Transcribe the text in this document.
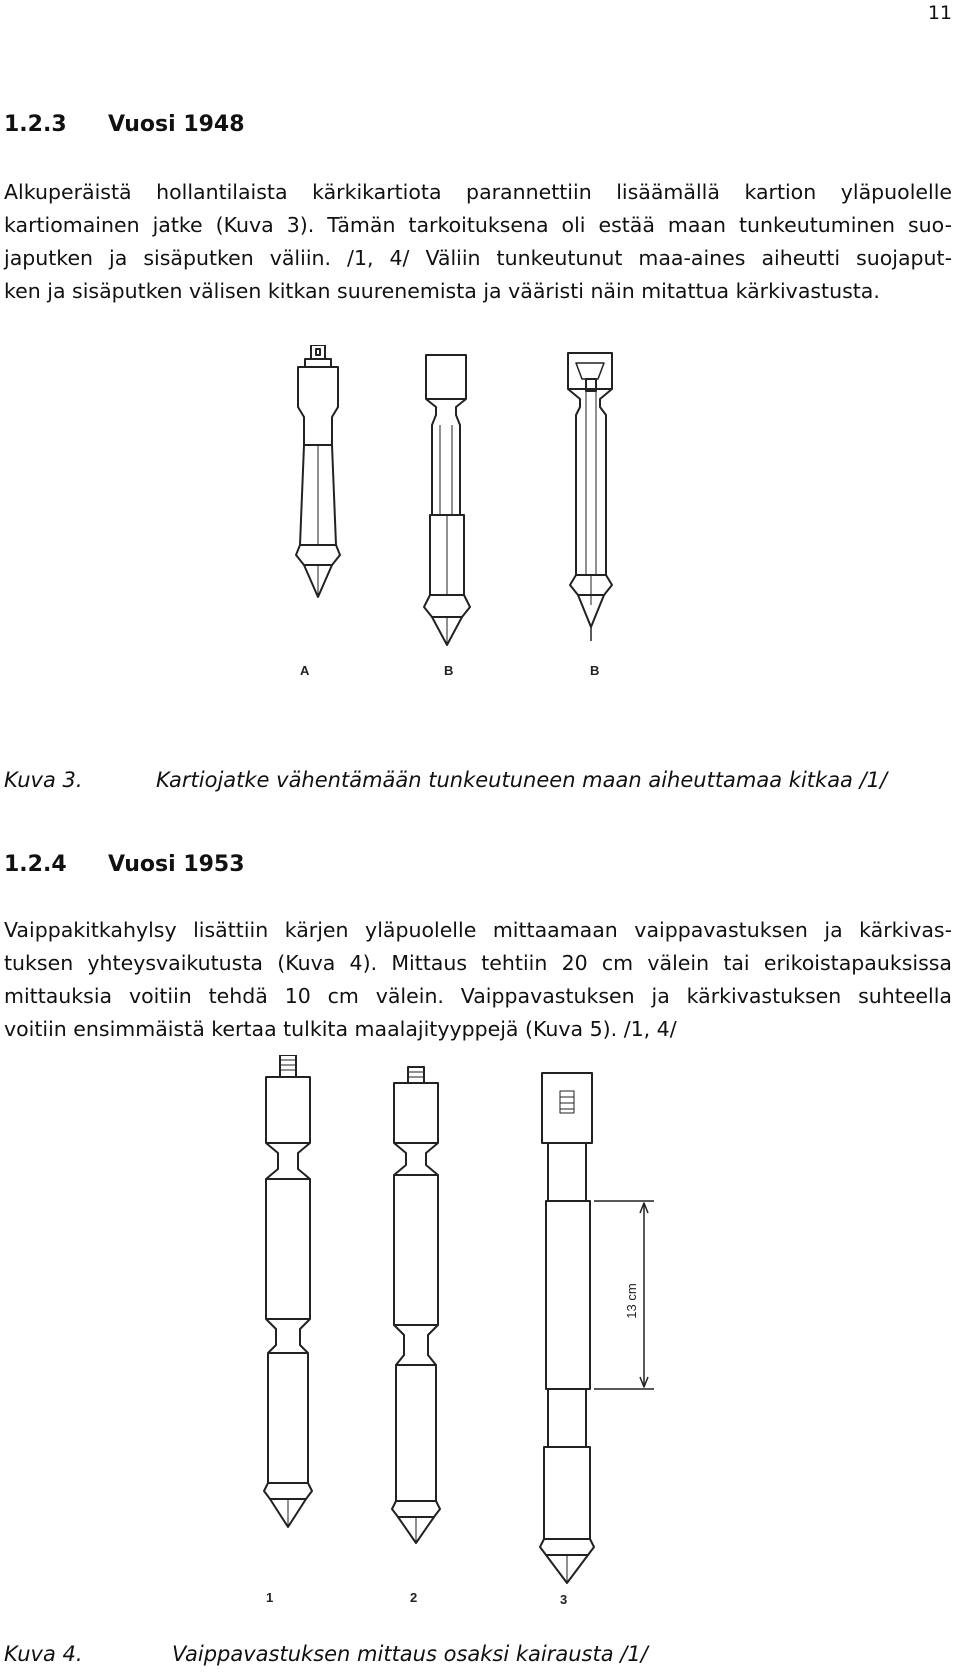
11
1.2.3 Vuosi 1948
Alkuperäistä hollantilaista kärkikartiota parannettiin lisäämällä kartion yläpuolelle
kartiomainen jatke (Kuva 3). Tämän tarkoituksena oli estää maan tunkeutuminen suo-
japutken ja sisäputken väliin. /1, 4/ Väliin tunkeutunut maa-aines aiheutti suojaput-
ken ja sisäputken välisen kitkan suurenemista ja vääristi näin mitattua kärkivastusta.
A	B	B
Kuva 3.	Kartiojatke vähentämään tunkeutuneen maan aiheuttamaa kitkaa /1/
1.2.4 Vuosi 1953
Vaippakitkahylsy lisättiin kärjen yläpuolelle mittaamaan vaippavastuksen ja kärkivas-
tuksen yhteysvaikutusta (Kuva 4). Mittaus tehtiin 20 cm välein tai erikoistapauksissa
mittauksia voitiin tehdä 10 cm välein. Vaippavastuksen ja kärkivastuksen suhteella
voitiin ensimmäistä kertaa tulkita maalajityyppejä (Kuva 5). /1, 4/
13 cm
1	2	3
Kuva 4.	Vaippavastuksen mittaus osaksi kairausta /1/
